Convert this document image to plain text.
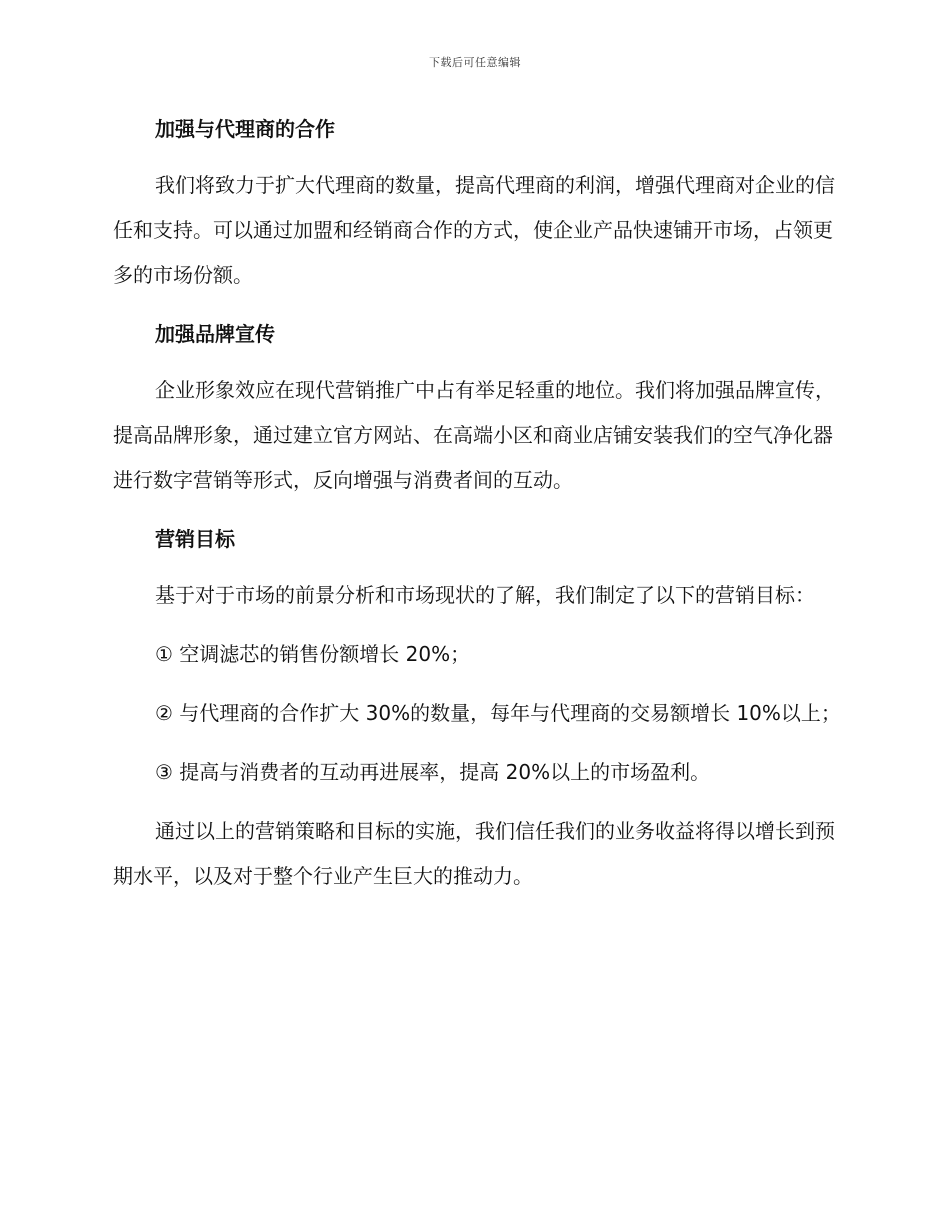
下载后可任意编辑

加强与代理商的合作

我们将致力于扩大代理商的数量，提高代理商的利润，增强代理商对企业的信任和支持。可以通过加盟和经销商合作的方式，使企业产品快速铺开市场，占领更多的市场份额。

加强品牌宣传

企业形象效应在现代营销推广中占有举足轻重的地位。我们将加强品牌宣传，提高品牌形象，通过建立官方网站、在高端小区和商业店铺安装我们的空气净化器进行数字营销等形式，反向增强与消费者间的互动。

营销目标

基于对于市场的前景分析和市场现状的了解，我们制定了以下的营销目标：

① 空调滤芯的销售份额增长 20%；

② 与代理商的合作扩大 30%的数量，每年与代理商的交易额增长 10%以上；

③ 提高与消费者的互动再进展率，提高 20%以上的市场盈利。

通过以上的营销策略和目标的实施，我们信任我们的业务收益将得以增长到预期水平，以及对于整个行业产生巨大的推动力。
